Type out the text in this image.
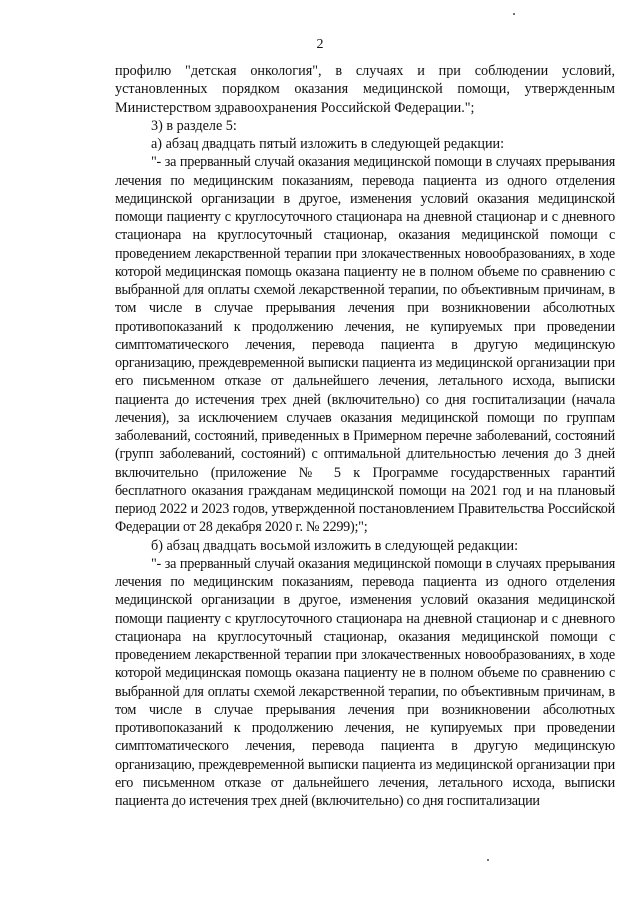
2

профилю "детская онкология", в случаях и при соблюдении условий, установленных порядком оказания медицинской помощи, утвержденным Министерством здравоохранения Российской Федерации.";

3) в разделе 5:

а) абзац двадцать пятый изложить в следующей редакции:

"- за прерванный случай оказания медицинской помощи в случаях прерывания лечения по медицинским показаниям, перевода пациента из одного отделения медицинской организации в другое, изменения условий оказания медицинской помощи пациенту с круглосуточного стационара на дневной стационар и с дневного стационара на круглосуточный стационар, оказания медицинской помощи с проведением лекарственной терапии при злокачественных новообразованиях, в ходе которой медицинская помощь оказана пациенту не в полном объеме по сравнению с выбранной для оплаты схемой лекарственной терапии, по объективным причинам, в том числе в случае прерывания лечения при возникновении абсолютных противопоказаний к продолжению лечения, не купируемых при проведении симптоматического лечения, перевода пациента в другую медицинскую организацию, преждевременной выписки пациента из медицинской организации при его письменном отказе от дальнейшего лечения, летального исхода, выписки пациента до истечения трех дней (включительно) со дня госпитализации (начала лечения), за исключением случаев оказания медицинской помощи по группам заболеваний, состояний, приведенных в Примерном перечне заболеваний, состояний (групп заболеваний, состояний) с оптимальной длительностью лечения до 3 дней включительно (приложение № 5 к Программе государственных гарантий бесплатного оказания гражданам медицинской помощи на 2021 год и на плановый период 2022 и 2023 годов, утвержденной постановлением Правительства Российской Федерации от 28 декабря 2020 г. № 2299);";

б) абзац двадцать восьмой изложить в следующей редакции:

"- за прерванный случай оказания медицинской помощи в случаях прерывания лечения по медицинским показаниям, перевода пациента из одного отделения медицинской организации в другое, изменения условий оказания медицинской помощи пациенту с круглосуточного стационара на дневной стационар и с дневного стационара на круглосуточный стационар, оказания медицинской помощи с проведением лекарственной терапии при злокачественных новообразованиях, в ходе которой медицинская помощь оказана пациенту не в полном объеме по сравнению с выбранной для оплаты схемой лекарственной терапии, по объективным причинам, в том числе в случае прерывания лечения при возникновении абсолютных противопоказаний к продолжению лечения, не купируемых при проведении симптоматического лечения, перевода пациента в другую медицинскую организацию, преждевременной выписки пациента из медицинской организации при его письменном отказе от дальнейшего лечения, летального исхода, выписки пациента до истечения трех дней (включительно) со дня госпитализации
